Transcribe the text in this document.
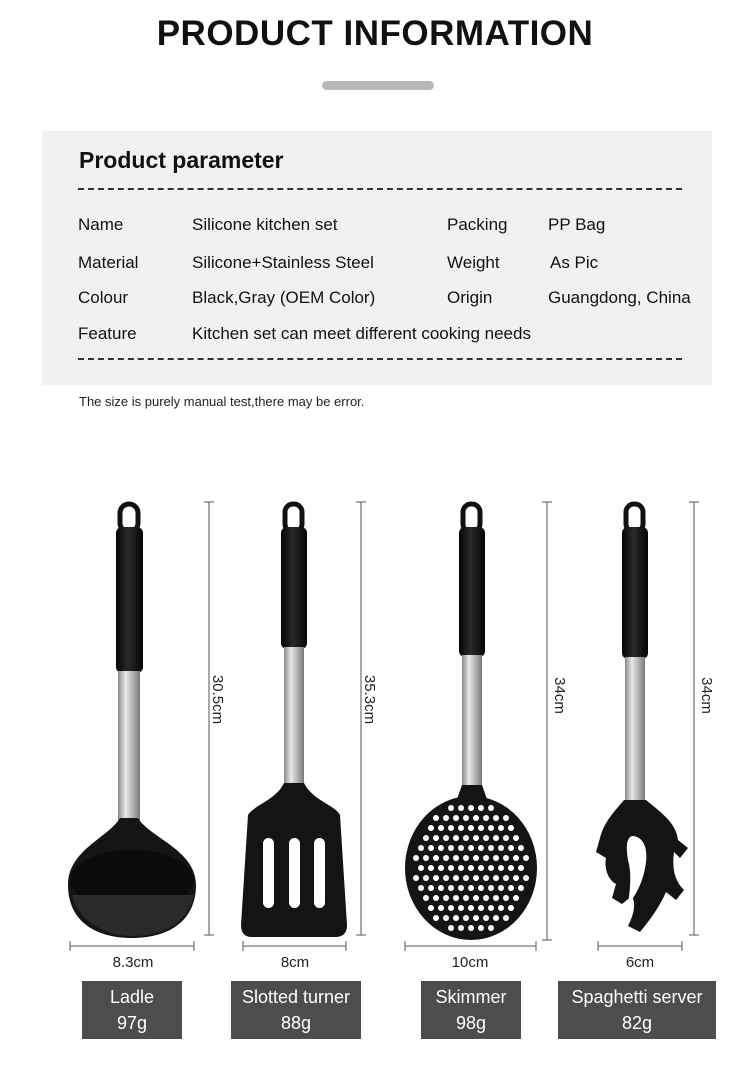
PRODUCT INFORMATION
Product parameter
Name	Silicone kitchen set	Packing PP Bag
Material	Silicone+Stainless Steel	Weight	As Pic
Colour	Black,Gray (OEM Color)	Origin	Guangdong, China
Feature	Kitchen set can meet different cooking needs
The size is purely manual test,there may be error.
30.5cm	35.3cm	34cm	34cm
8.3cm	8cm	10cm	6cm
Ladle
97g
Slotted turner
88g
Skimmer
98g
Spaghetti server
82g
